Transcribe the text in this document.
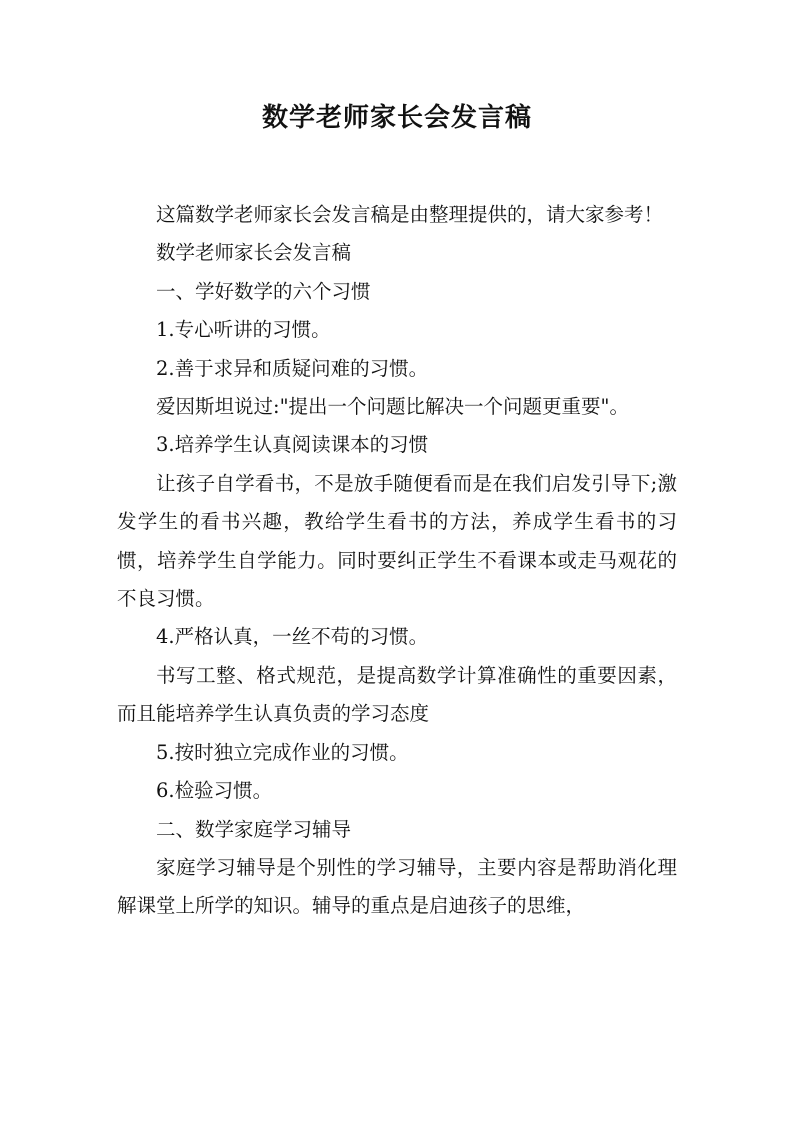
数学老师家长会发言稿

这篇数学老师家长会发言稿是由整理提供的，请大家参考！

数学老师家长会发言稿

一、学好数学的六个习惯

1.专心听讲的习惯。

2.善于求异和质疑问难的习惯。

爱因斯坦说过:"提出一个问题比解决一个问题更重要"。

3.培养学生认真阅读课本的习惯

让孩子自学看书，不是放手随便看而是在我们启发引导下;激发学生的看书兴趣，教给学生看书的方法，养成学生看书的习惯，培养学生自学能力。同时要纠正学生不看课本或走马观花的不良习惯。

4.严格认真，一丝不苟的习惯。

书写工整、格式规范，是提高数学计算准确性的重要因素，而且能培养学生认真负责的学习态度

5.按时独立完成作业的习惯。

6.检验习惯。

二、数学家庭学习辅导

家庭学习辅导是个别性的学习辅导，主要内容是帮助消化理解课堂上所学的知识。辅导的重点是启迪孩子的思维，
